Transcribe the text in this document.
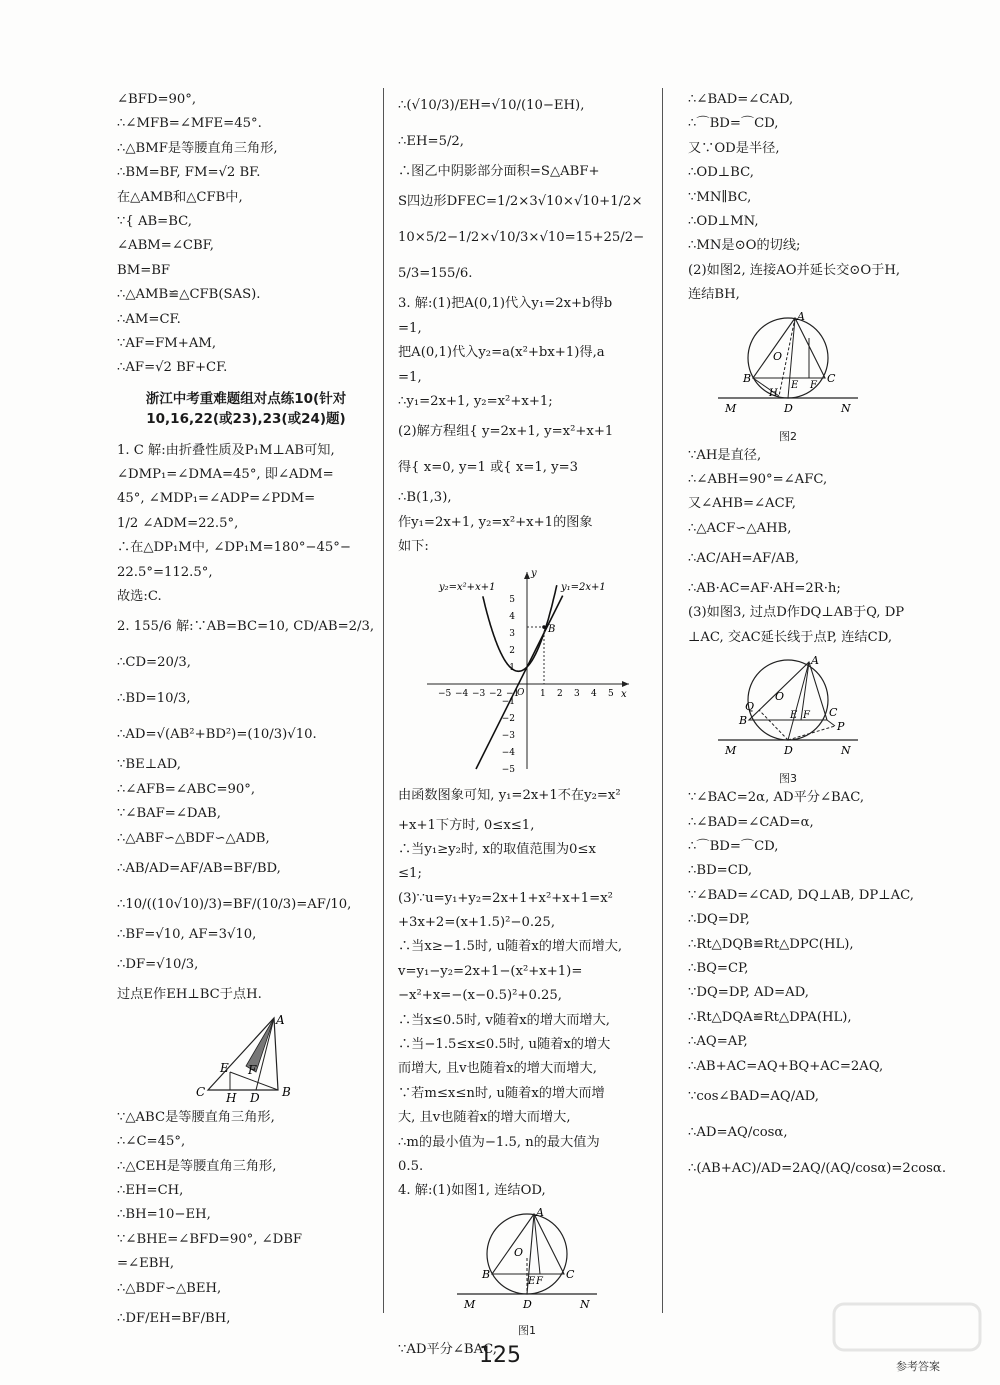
∠BFD=90°,
∴∠MFB=∠MFE=45°.
∴△BMF是等腰直角三角形,
∴BM=BF, FM=√2 BF.
在△AMB和△CFB中,
∵{ AB=BC,
∠ABM=∠CBF,
BM=BF
∴△AMB≌△CFB(SAS).
∴AM=CF.
∵AF=FM+AM,
∴AF=√2 BF+CF.
浙江中考重难题组对点练10(针对10,16,22(或23),23(或24)题)
1. C 解:由折叠性质及P₁M⊥AB可知,
∠DMP₁=∠DMA=45°, 即∠ADM=
45°, ∠MDP₁=∠ADP=∠PDM=
1/2 ∠ADM=22.5°,
∴在△DP₁M中, ∠DP₁M=180°−45°−
22.5°=112.5°,
故选:C.
2. 155/6 解:∵AB=BC=10, CD/AB=2/3,
∴CD=20/3,
∴BD=10/3,
∴AD=√(AB²+BD²)=(10/3)√10.
∵BE⊥AD,
∴∠AFB=∠ABC=90°,
∵∠BAF=∠DAB,
∴△ABF∽△BDF∽△ADB,
∴AB/AD=AF/AB=BF/BD,
∴10/((10√10)/3)=BF/(10/3)=AF/10,
∴BF=√10, AF=3√10,
∴DF=√10/3,
过点E作EH⊥BC于点H.
A
E F
C H D B
∵△ABC是等腰直角三角形,
∴∠C=45°,
∴△CEH是等腰直角三角形,
∴EH=CH,
∴BH=10−EH,
∵∠BHE=∠BFD=90°, ∠DBF
=∠EBH,
∴△BDF∽△BEH,
∴DF/EH=BF/BH,
∴(√10/3)/EH=√10/(10−EH),
∴EH=5/2,
∴图乙中阴影部分面积=S△ABF+
S四边形DFEC=1/2×3√10×√10+1/2×
10×5/2−1/2×√10/3×√10=15+25/2−
5/3=155/6.
3. 解:(1)把A(0,1)代入y₁=2x+b得b
=1,
把A(0,1)代入y₂=a(x²+bx+1)得,a
=1,
∴y₁=2x+1, y₂=x²+x+1;
(2)解方程组{ y=2x+1, y=x²+x+1
得{ x=0, y=1 或{ x=1, y=3
∴B(1,3),
作y₁=2x+1, y₂=x²+x+1的图象
如下:
y₂=x²+x+1	y₁=2x+1
x
y
O
B
−5 −4 −3 −2 −1 1 2 3 4 5
5
4
3
2
1
−1
−2
−3
−4
−5
由函数图象可知, y₁=2x+1不在y₂=x²
+x+1下方时, 0≤x≤1,
∴当y₁≥y₂时, x的取值范围为0≤x
≤1;
(3)∵u=y₁+y₂=2x+1+x²+x+1=x²
+3x+2=(x+1.5)²−0.25,
∴当x≥−1.5时, u随着x的增大而增大,
v=y₁−y₂=2x+1−(x²+x+1)=
−x²+x=−(x−0.5)²+0.25,
∴当x≤0.5时, v随着x的增大而增大,
∴当−1.5≤x≤0.5时, u随着x的增大
而增大, 且v也随着x的增大而增大,
∵若m≤x≤n时, u随着x的增大而增
大, 且v也随着x的增大而增大,
∴m的最小值为−1.5, n的最大值为
0.5.
4. 解:(1)如图1, 连结OD,
A
O
B
E F
C
M	D	N
图1
∵AD平分∠BAC,
∴∠BAD=∠CAD,
∴⌒BD=⌒CD,
又∵OD是半径,
∴OD⊥BC,
∵MN∥BC,
∴OD⊥MN,
∴MN是⊙O的切线;
(2)如图2, 连接AO并延长交⊙O于H,
连结BH,
A
O
B
E F
C
H
M	D	N
图2
∵AH是直径,
∴∠ABH=90°=∠AFC,
又∠AHB=∠ACF,
∴△ACF∽△AHB,
∴AC/AH=AF/AB,
∴AB·AC=AF·AH=2R·h;
(3)如图3, 过点D作DQ⊥AB于Q, DP
⊥AC, 交AC延长线于点P, 连结CD,
A
Q
O
B	E F C
P
M	D	N
图3
∵∠BAC=2α, AD平分∠BAC,
∴∠BAD=∠CAD=α,
∴⌒BD=⌒CD,
∴BD=CD,
∵∠BAD=∠CAD, DQ⊥AB, DP⊥AC,
∴DQ=DP,
∴Rt△DQB≌Rt△DPC(HL),
∴BQ=CP,
∵DQ=DP, AD=AD,
∴Rt△DQA≌Rt△DPA(HL),
∴AQ=AP,
∴AB+AC=AQ+BQ+AC=2AQ,
∵cos∠BAD=AQ/AD,
∴AD=AQ/cosα,
∴(AB+AC)/AD=2AQ/(AQ/cosα)=2cosα.
125	参考答案
